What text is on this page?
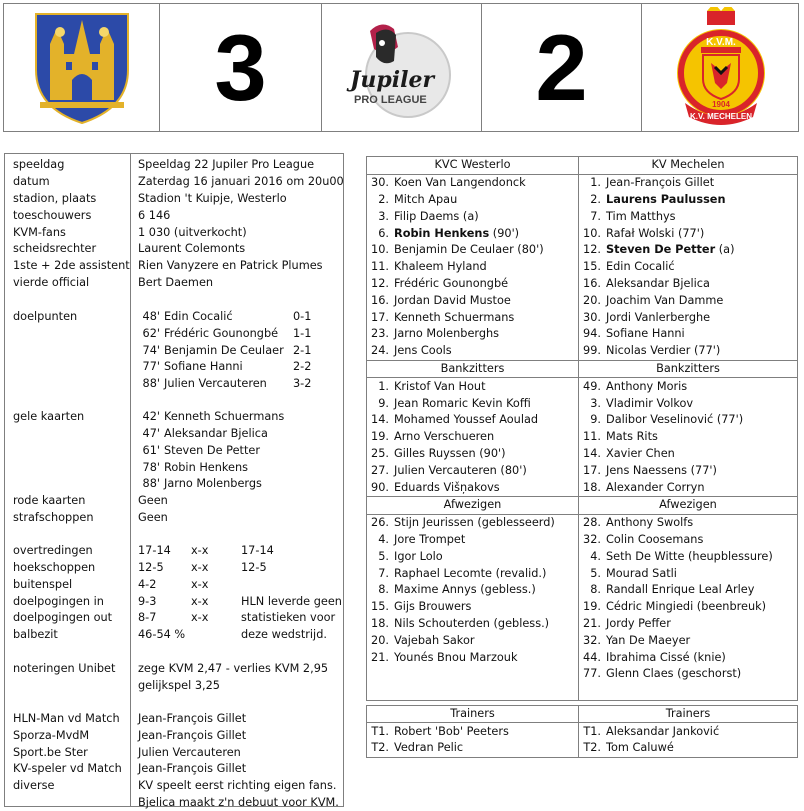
3	Jupiler
PRO LEAGUE 2	K.V.M.
1904
K.V. MECHELEN
speeldag	Speeldag 22 Jupiler Pro League
datum	Zaterdag 16 januari 2016 om 20u00
stadion, plaats	Stadion 't Kuipje, Westerlo
toeschouwers	6 146
KVM-fans	1 030 (uitverkocht)
scheidsrechter	Laurent Colemonts
1ste + 2de assistent Rien Vanyzere en Patrick Plumes
vierde official	Bert Daemen
doelpunten	48' Edin Cocalić	0-1
62' Frédéric Gounongbé 1-1
74' Benjamin De Ceulaer 2-1
77' Sofiane Hanni	2-2
88' Julien Vercauteren 3-2
gele kaarten	42' Kenneth Schuermans
47' Aleksandar Bjelica
61' Steven De Petter
78' Robin Henkens
88' Jarno Molenbergs
rode kaarten	Geen
strafschoppen	Geen
overtredingen	17-14 x-x	17-14
hoekschoppen	12-5 x-x	12-5
buitenspel	4-2	x-x
doelpogingen in	9-3	x-x	HLN leverde geen
doelpogingen out 8-7	x-x	statistieken voor
balbezit	46-54 %	deze wedstrijd.
noteringen Unibet zege KVM 2,47 - verlies KVM 2,95
gelijkspel 3,25
HLN-Man vd Match Jean-François Gillet
Sporza-MvdM	Jean-François Gillet
Sport.be Ster	Julien Vercauteren
KV-speler vd Match Jean-François Gillet
diverse	KV speelt eerst richting eigen fans.
Bjelica maakt z'n debuut voor KVM.
KVC Westerlo	KV Mechelen
30. Koen Van Langendonck	1. Jean-François Gillet
2. Mitch Apau	2. Laurens Paulussen
3. Filip Daems (a)	7. Tim Matthys
6. Robin Henkens (90')	10. Rafał Wolski (77')
10. Benjamin De Ceulaer (80')	12. Steven De Petter (a)
11. Khaleem Hyland	15. Edin Cocalić
12. Frédéric Gounongbé	16. Aleksandar Bjelica
16. Jordan David Mustoe	20. Joachim Van Damme
17. Kenneth Schuermans	30. Jordi Vanlerberghe
23. Jarno Molenberghs	94. Sofiane Hanni
24. Jens Cools	99. Nicolas Verdier (77')
Bankzitters	Bankzitters
1. Kristof Van Hout	49. Anthony Moris
9. Jean Romaric Kevin Koffi	3. Vladimir Volkov
14. Mohamed Youssef Aoulad	9. Dalibor Veselinović (77')
19. Arno Verschueren	11. Mats Rits
25. Gilles Ruyssen (90')	14. Xavier Chen
27. Julien Vercauteren (80')	17. Jens Naessens (77')
90. Eduards Višņakovs	18. Alexander Corryn
Afwezigen	Afwezigen
26. Stijn Jeurissen (geblesseerd)	28. Anthony Swolfs
4. Jore Trompet	32. Colin Coosemans
5. Igor Lolo	4. Seth De Witte (heupblessure)
7. Raphael Lecomte (revalid.)	5. Mourad Satli
8. Maxime Annys (gebless.)	8. Randall Enrique Leal Arley
15. Gijs Brouwers	19. Cédric Mingiedi (beenbreuk)
18. Nils Schouterden (gebless.)	21. Jordy Peffer
20. Vajebah Sakor	32. Yan De Maeyer
21. Younés Bnou Marzouk	44. Ibrahima Cissé (knie)
	77. Glenn Claes (geschorst)

Trainers	Trainers
T1. Robert 'Bob' Peeters	T1. Aleksandar Janković
T2. Vedran Pelic	T2. Tom Caluwé
